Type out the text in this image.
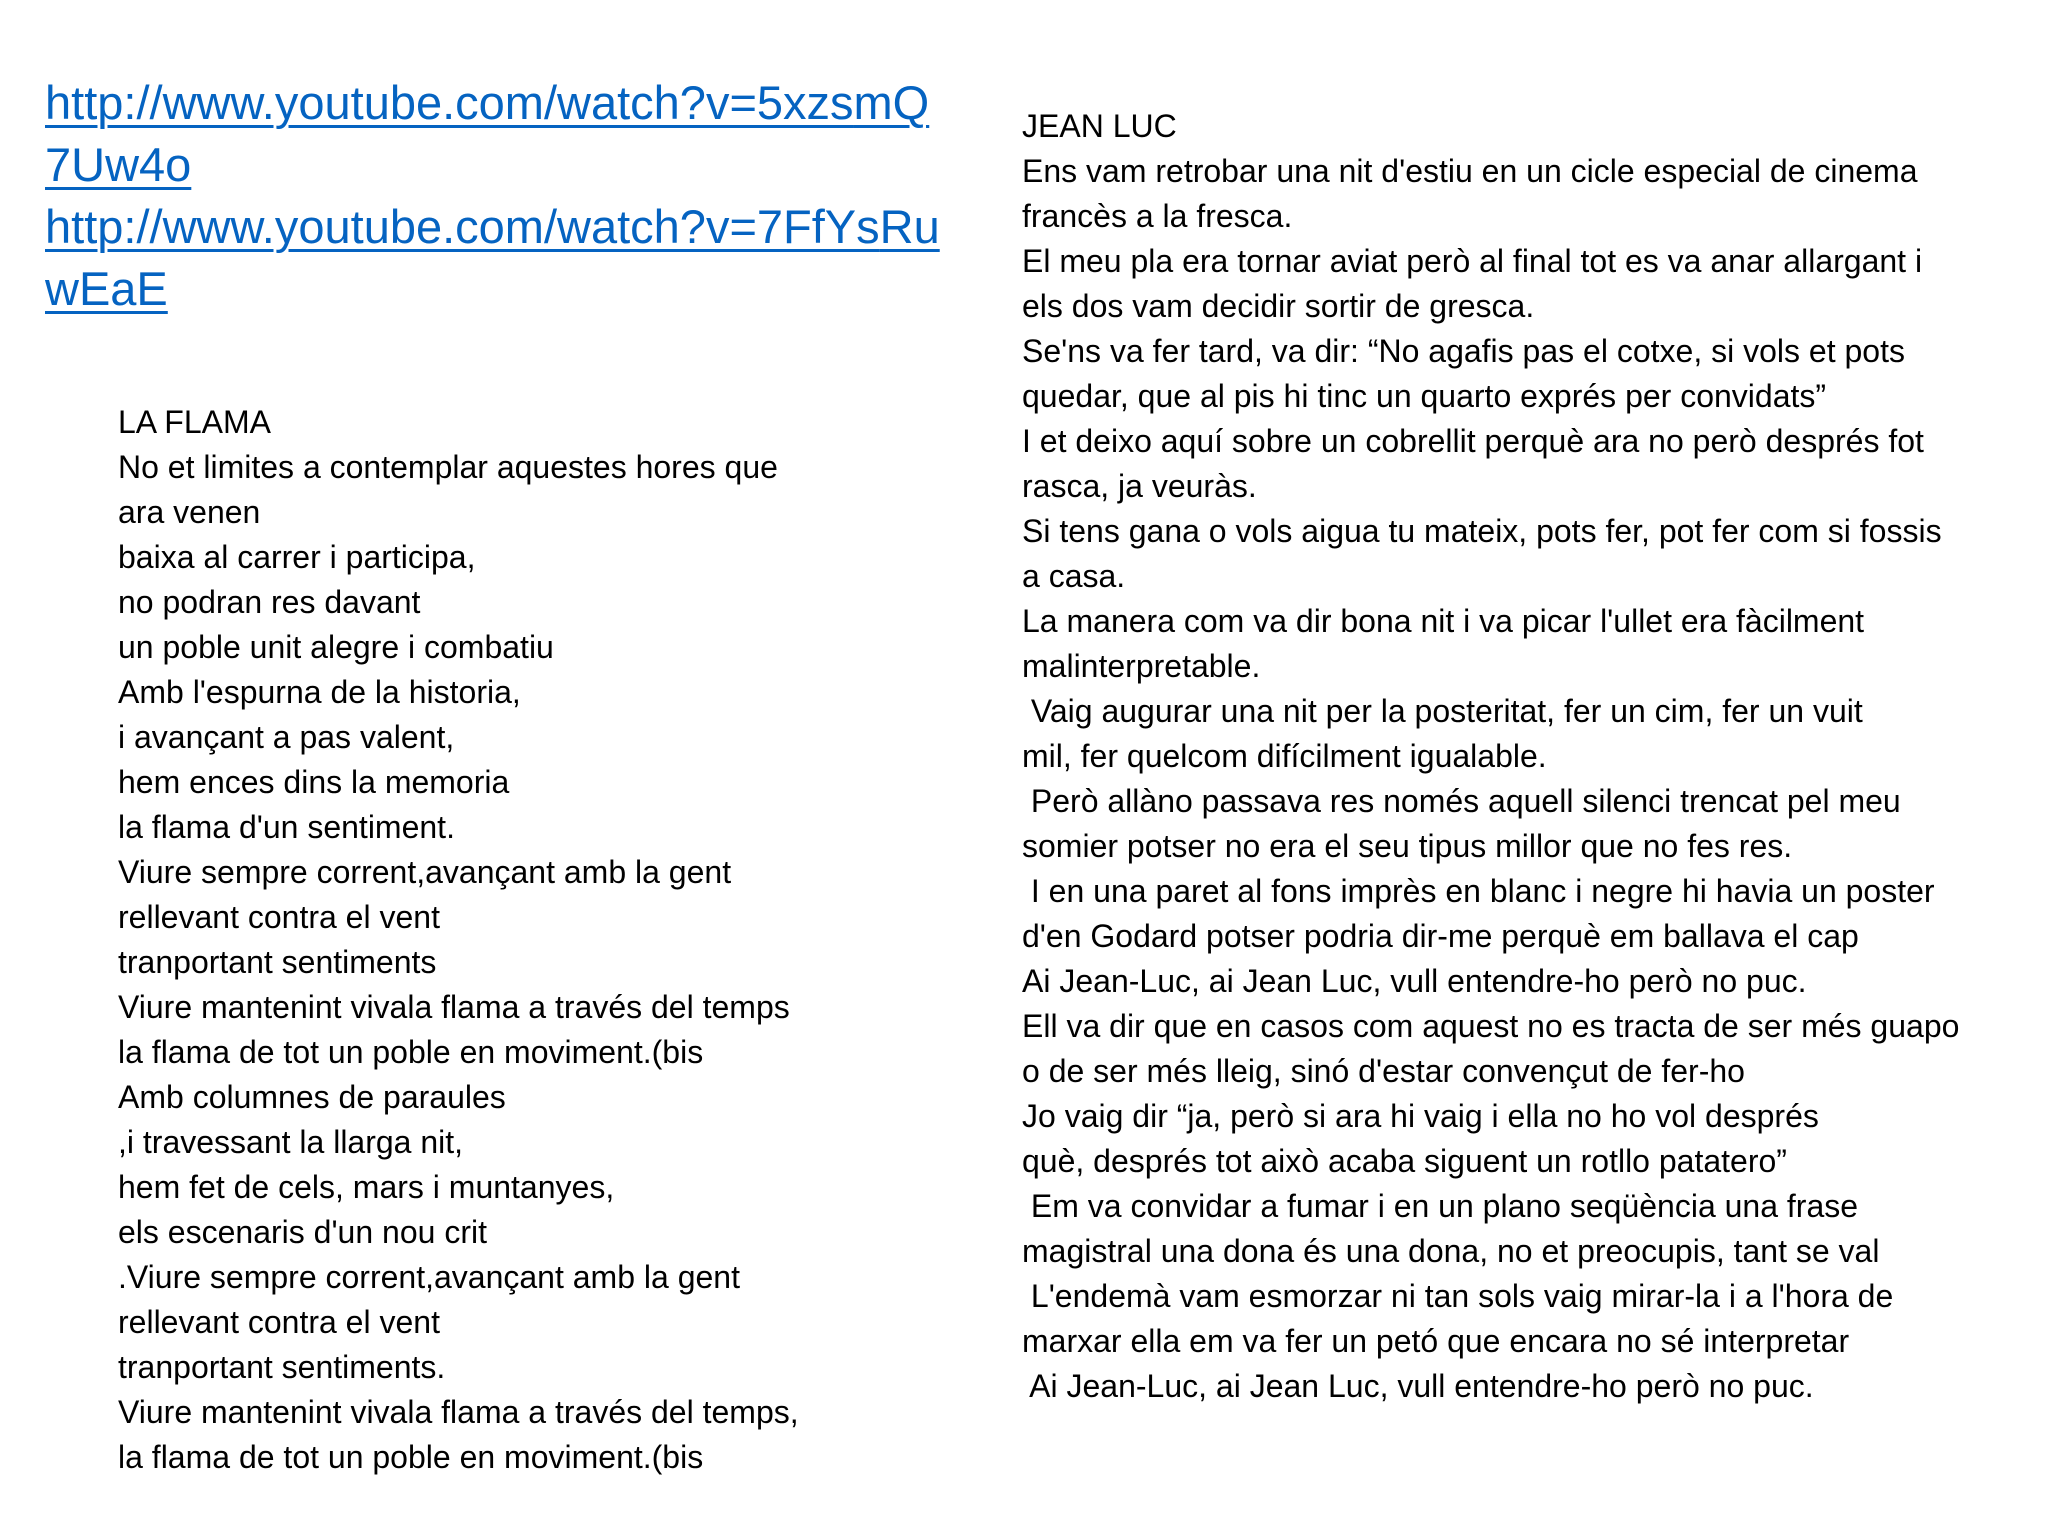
http://www.youtube.com/watch?v=5xzsmQ7Uw4o
http://www.youtube.com/watch?v=7FfYsRuwEaE
LA FLAMA
No et limites a contemplar aquestes hores que
ara venen
baixa al carrer i participa,
no podran res davant
un poble unit alegre i combatiu
Amb l'espurna de la historia,
i avançant a pas valent,
hem ences dins la memoria
la flama d'un sentiment.
Viure sempre corrent,avançant amb la gent
rellevant contra el vent
tranportant sentiments
Viure mantenint vivala flama a través del temps
la flama de tot un poble en moviment.(bis
Amb columnes de paraules
,i travessant la llarga nit,
hem fet de cels, mars i muntanyes,
els escenaris d'un nou crit
.Viure sempre corrent,avançant amb la gent
rellevant contra el vent
tranportant sentiments.
Viure mantenint vivala flama a través del temps,
la flama de tot un poble en moviment.(bis
JEAN LUC
Ens vam retrobar una nit d'estiu en un cicle especial de cinema
francès a la fresca.
El meu pla era tornar aviat però al final tot es va anar allargant i
els dos vam decidir sortir de gresca.
Se'ns va fer tard, va dir: “No agafis pas el cotxe, si vols et pots
quedar, que al pis hi tinc un quarto exprés per convidats”
I et deixo aquí sobre un cobrellit perquè ara no però després fot
rasca, ja veuràs.
Si tens gana o vols aigua tu mateix, pots fer, pot fer com si fossis
a casa.
La manera com va dir bona nit i va picar l'ullet era fàcilment
malinterpretable.
Vaig augurar una nit per la posteritat, fer un cim, fer un vuit
mil, fer quelcom difícilment igualable.
Però allàno passava res només aquell silenci trencat pel meu
somier potser no era el seu tipus millor que no fes res.
I en una paret al fons imprès en blanc i negre hi havia un poster
d'en Godard potser podria dir-me perquè em ballava el cap
Ai Jean-Luc, ai Jean Luc, vull entendre-ho però no puc.
Ell va dir que en casos com aquest no es tracta de ser més guapo
o de ser més lleig, sinó d'estar convençut de fer-ho
Jo vaig dir “ja, però si ara hi vaig i ella no ho vol després
què, després tot això acaba siguent un rotllo patatero”
Em va convidar a fumar i en un plano seqüència una frase
magistral una dona és una dona, no et preocupis, tant se val
L'endemà vam esmorzar ni tan sols vaig mirar-la i a l'hora de
marxar ella em va fer un petó que encara no sé interpretar
Ai Jean-Luc, ai Jean Luc, vull entendre-ho però no puc.
